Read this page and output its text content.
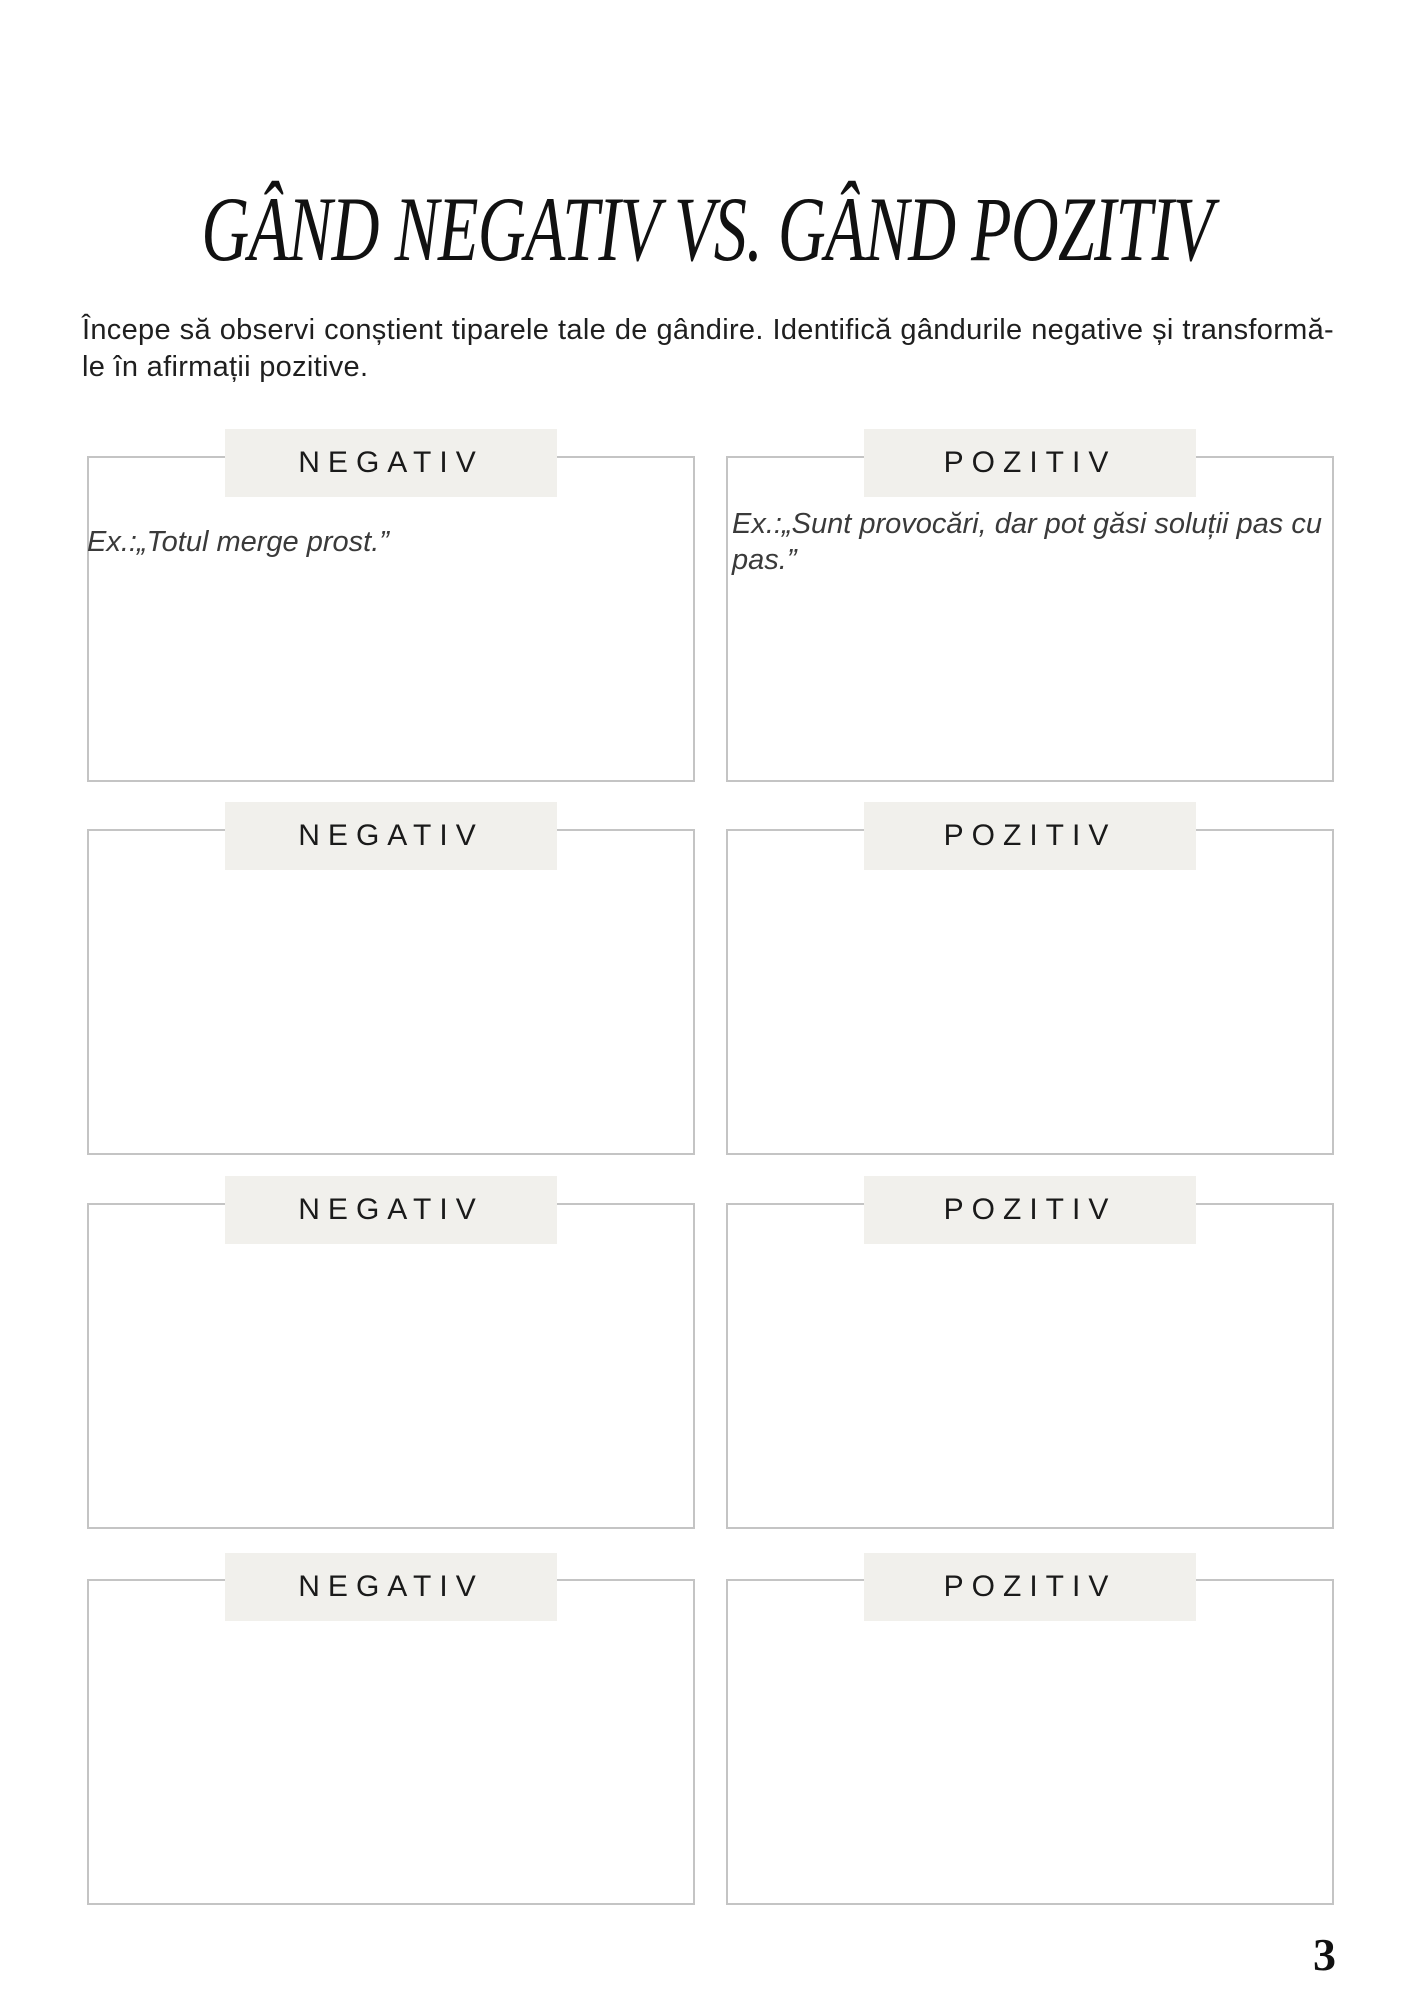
GÂND NEGATIV VS. GÂND POZITIV

Începe să observi conștient tiparele tale de gândire. Identifică gândurile negative și transformă-le în afirmații pozitive.

NEGATIV

Ex.:„Totul merge prost.”

POZITIV

Ex.:„Sunt provocări, dar pot găsi soluții pas cu pas.”

NEGATIV	POZITIV
NEGATIV	POZITIV
NEGATIV	POZITIV
3
